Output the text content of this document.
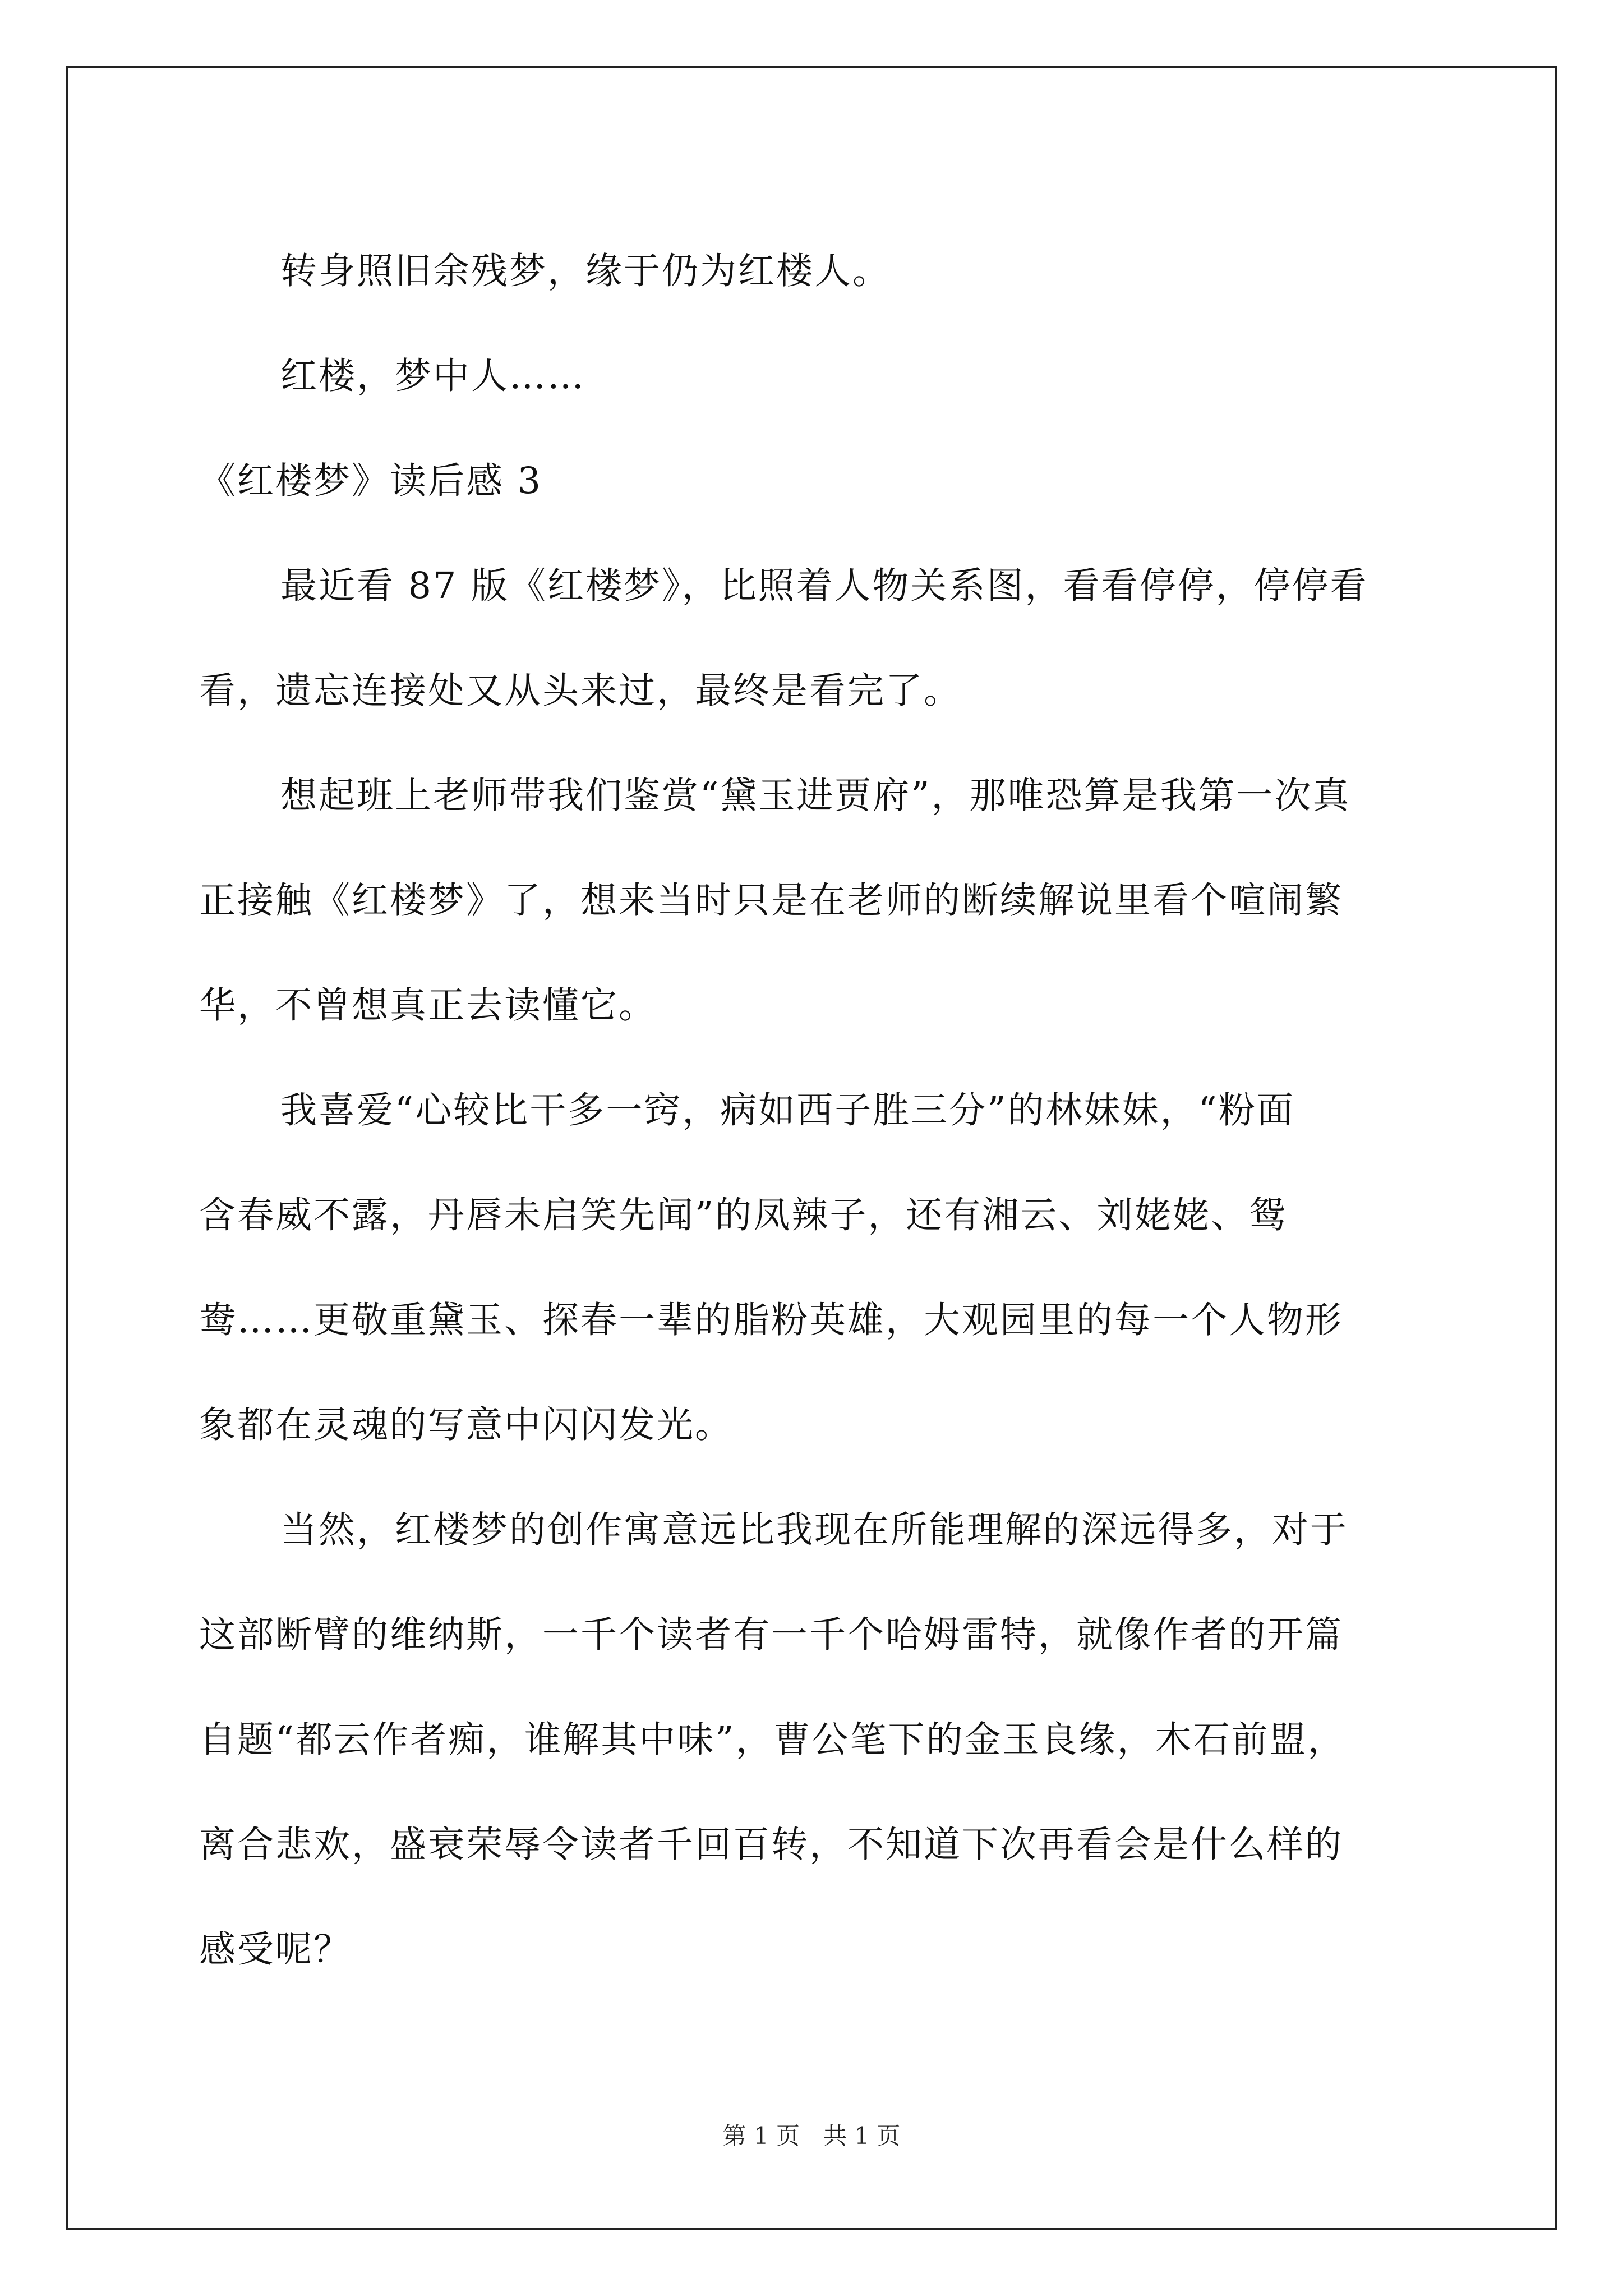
转身照旧余残梦，缘于仍为红楼人。
红楼，梦中人……
《红楼梦》读后感 3
最近看 87 版《红楼梦》，比照着人物关系图，看看停停，停停看
看，遗忘连接处又从头来过，最终是看完了。
想起班上老师带我们鉴赏“黛玉进贾府”，那唯恐算是我第一次真
正接触《红楼梦》了，想来当时只是在老师的断续解说里看个喧闹繁
华，不曾想真正去读懂它。
我喜爱“心较比干多一窍，病如西子胜三分”的林妹妹，“粉面
含春威不露，丹唇未启笑先闻”的凤辣子，还有湘云、刘姥姥、鸳
鸯……更敬重黛玉、探春一辈的脂粉英雄，大观园里的每一个人物形
象都在灵魂的写意中闪闪发光。
当然，红楼梦的创作寓意远比我现在所能理解的深远得多，对于
这部断臂的维纳斯，一千个读者有一千个哈姆雷特，就像作者的开篇
自题“都云作者痴，谁解其中味”，曹公笔下的金玉良缘，木石前盟，
离合悲欢，盛衰荣辱令读者千回百转，不知道下次再看会是什么样的
感受呢？
第 1 页　共 1 页
